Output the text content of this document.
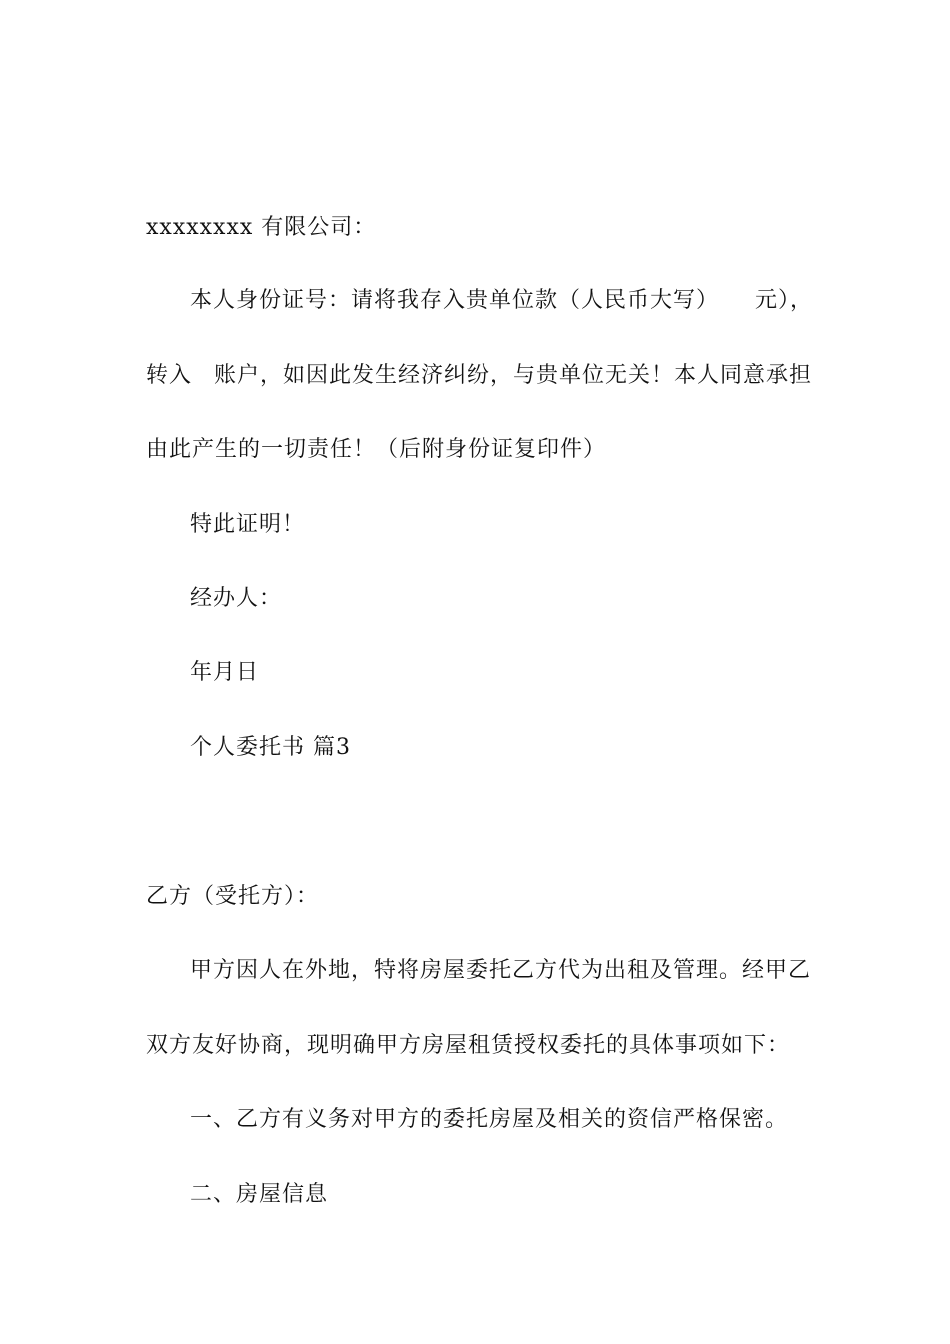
xxxxxxxx 有限公司：
本人身份证号：请将我存入贵单位款（人民币大写） 元），
转入 账户，如因此发生经济纠纷，与贵单位无关！本人同意承担
由此产生的一切责任！（后附身份证复印件）
特此证明！
经办人：
年月日
个人委托书 篇3
乙方（受托方）：
甲方因人在外地，特将房屋委托乙方代为出租及管理。经甲乙
双方友好协商，现明确甲方房屋租赁授权委托的具体事项如下：
一、乙方有义务对甲方的委托房屋及相关的资信严格保密。
二、房屋信息
